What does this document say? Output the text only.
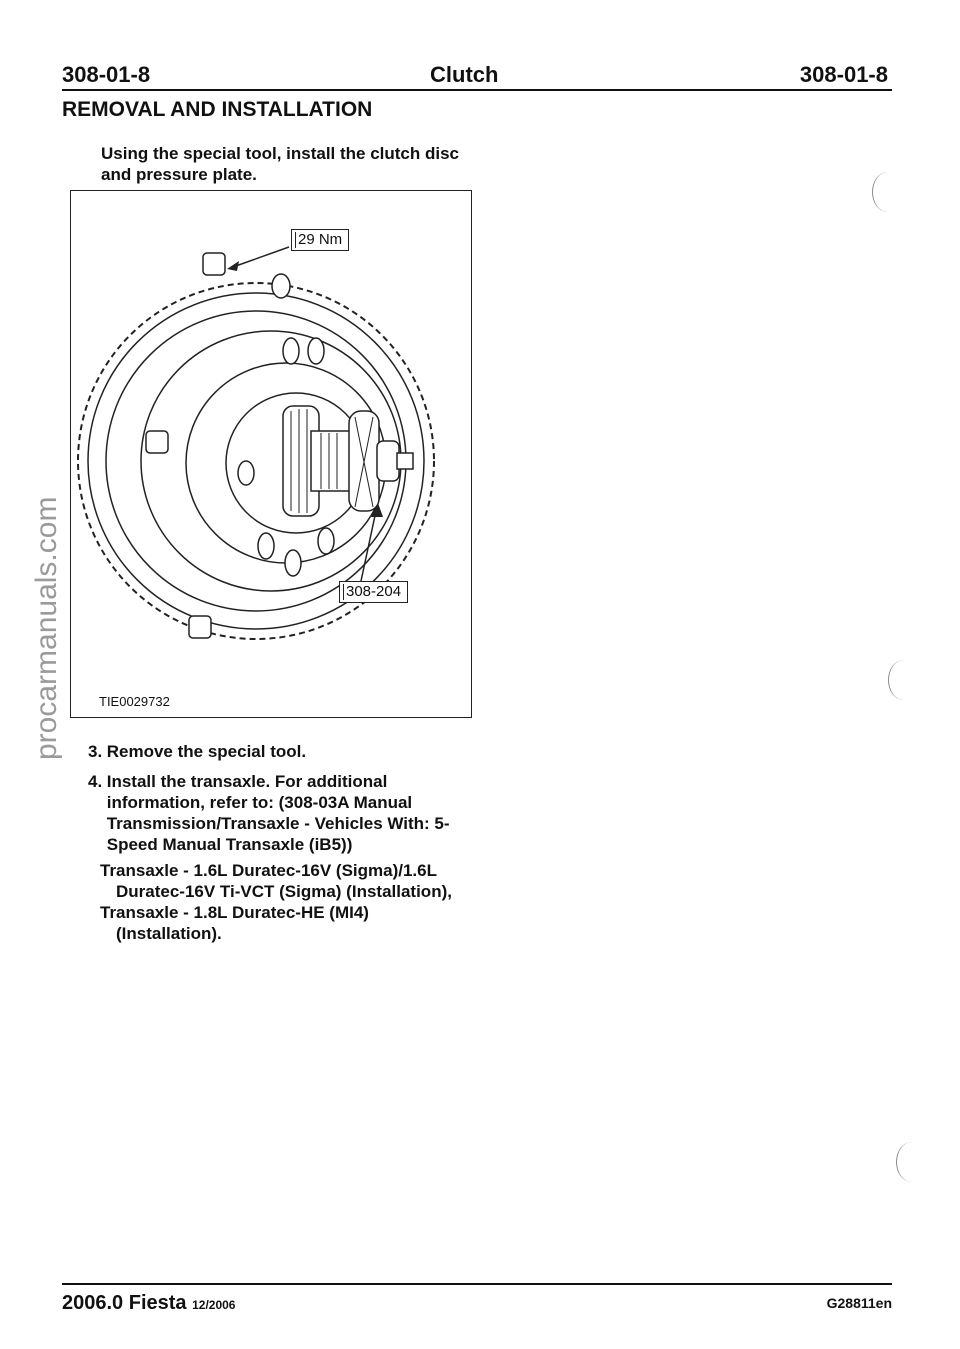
308-01-8	Clutch	308-01-8
REMOVAL AND INSTALLATION
Using the special tool, install the clutch disc and pressure plate.
29 Nm
308-204
TIE0029732
3. Remove the special tool.
4. Install the transaxle. For additional information, refer to: (308-03A Manual Transmission/Transaxle - Vehicles With: 5-Speed Manual Transaxle (iB5))
Transaxle - 1.6L Duratec-16V (Sigma)/1.6L
Duratec-16V Ti-VCT (Sigma) (Installation),
Transaxle - 1.8L Duratec-HE (MI4)
(Installation).
procarmanuals.com
2006.0 Fiesta 12/2006	G28811en
